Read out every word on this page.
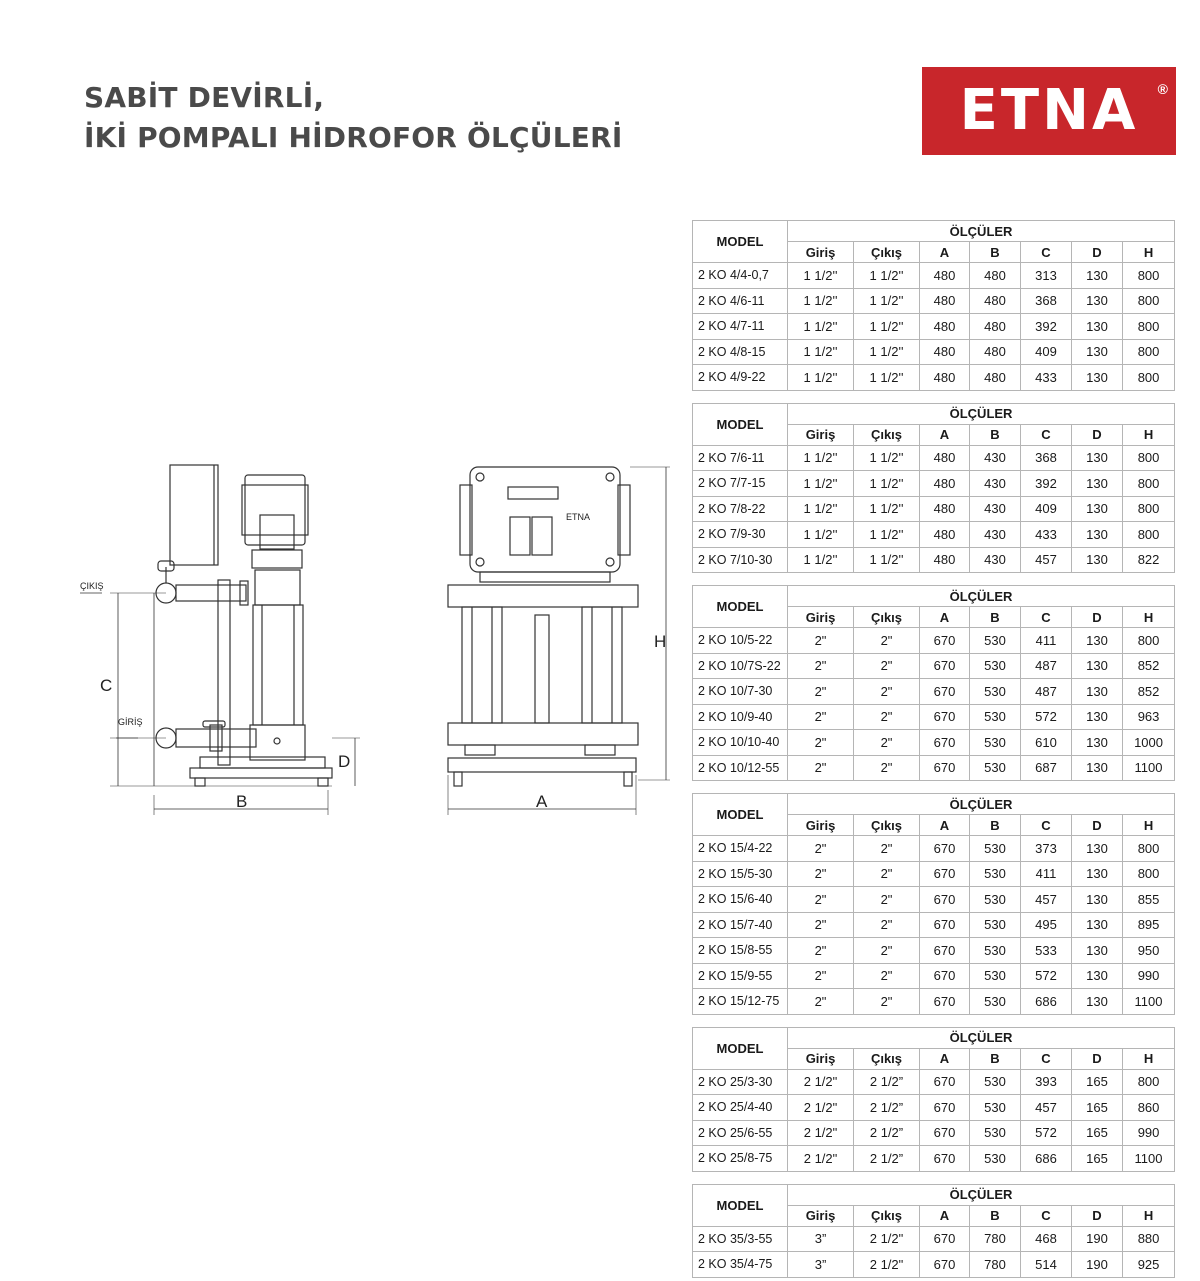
SABİT DEVİRLİ,
İKİ POMPALI HİDROFOR ÖLÇÜLERİ	ETNA ®
ÇIKIŞ
GİRİŞ
C
D
B
H
A
ETNA
MODEL	ÖLÇÜLER						
	Giriş	Çıkış	A	B	C	D	H
2 KO 4/4-0,7	1 1/2''	1 1/2''	480	480	313	130	800
2 KO 4/6-11	1 1/2''	1 1/2''	480	480	368	130	800
2 KO 4/7-11	1 1/2''	1 1/2''	480	480	392	130	800
2 KO 4/8-15	1 1/2''	1 1/2''	480	480	409	130	800
2 KO 4/9-22	1 1/2''	1 1/2''	480	480	433	130	800
MODEL	ÖLÇÜLER						
	Giriş	Çıkış	A	B	C	D	H
2 KO 7/6-11	1 1/2''	1 1/2''	480	430	368	130	800
2 KO 7/7-15	1 1/2''	1 1/2''	480	430	392	130	800
2 KO 7/8-22	1 1/2''	1 1/2''	480	430	409	130	800
2 KO 7/9-30	1 1/2''	1 1/2''	480	430	433	130	800
2 KO 7/10-30	1 1/2''	1 1/2''	480	430	457	130	822
MODEL	ÖLÇÜLER						
	Giriş	Çıkış	A	B	C	D	H
2 KO 10/5-22	2"	2"	670	530	411	130	800
2 KO 10/7S-22	2"	2"	670	530	487	130	852
2 KO 10/7-30	2"	2"	670	530	487	130	852
2 KO 10/9-40	2"	2"	670	530	572	130	963
2 KO 10/10-40	2"	2"	670	530	610	130	1000
2 KO 10/12-55	2"	2"	670	530	687	130	1100
MODEL	ÖLÇÜLER						
	Giriş	Çıkış	A	B	C	D	H
2 KO 15/4-22	2"	2"	670	530	373	130	800
2 KO 15/5-30	2"	2"	670	530	411	130	800
2 KO 15/6-40	2"	2"	670	530	457	130	855
2 KO 15/7-40	2"	2"	670	530	495	130	895
2 KO 15/8-55	2"	2"	670	530	533	130	950
2 KO 15/9-55	2"	2"	670	530	572	130	990
2 KO 15/12-75	2"	2"	670	530	686	130	1100
MODEL	ÖLÇÜLER						
	Giriş	Çıkış	A	B	C	D	H
2 KO 25/3-30	2 1/2"	2 1/2”	670	530	393	165	800
2 KO 25/4-40	2 1/2"	2 1/2”	670	530	457	165	860
2 KO 25/6-55	2 1/2"	2 1/2”	670	530	572	165	990
2 KO 25/8-75	2 1/2"	2 1/2”	670	530	686	165	1100
MODEL	ÖLÇÜLER						
	Giriş	Çıkış	A	B	C	D	H
2 KO 35/3-55	3”	2 1/2"	670	780	468	190	880
2 KO 35/4-75	3”	2 1/2"	670	780	514	190	925
